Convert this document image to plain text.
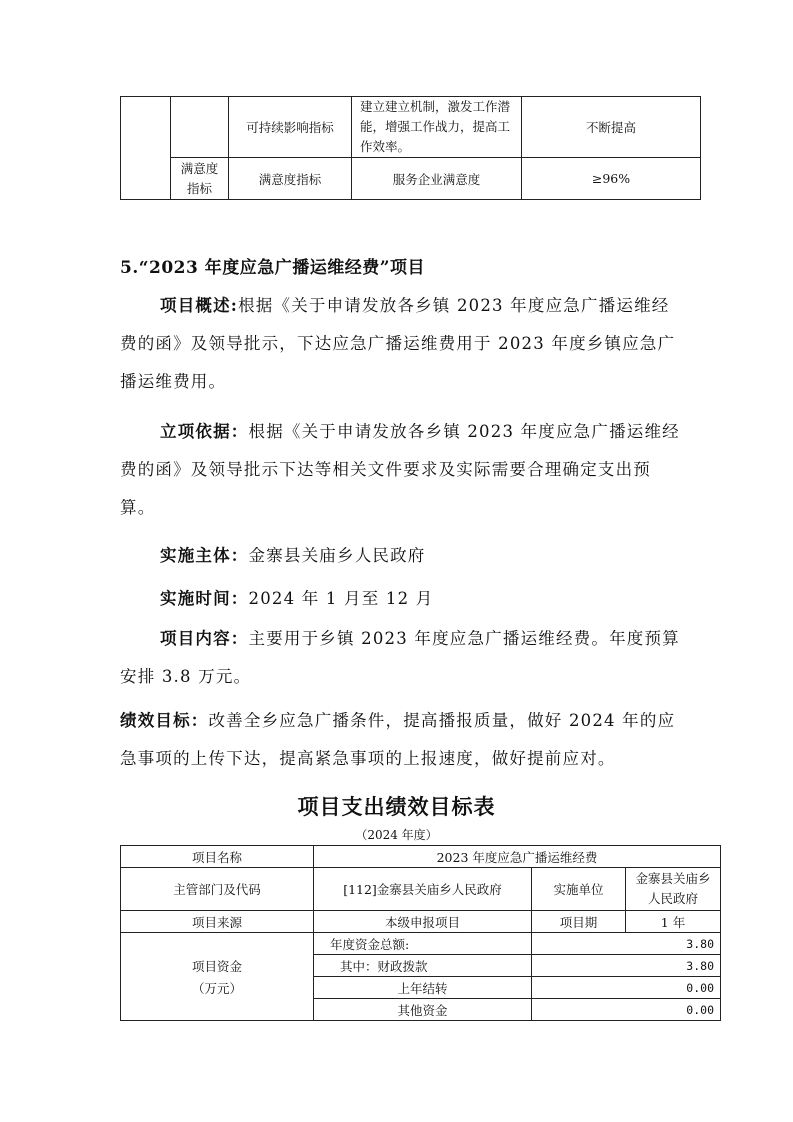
		可持续影响指标	建立建立机制，激发工作潜能，增强工作战力，提高工作效率。	不断提高
	满意度指标	满意度指标	服务企业满意度	≥96%
5.“2023 年度应急广播运维经费”项目
项目概述:根据《关于申请发放各乡镇 2023 年度应急广播运维经费的函》及领导批示，下达应急广播运维费用于 2023 年度乡镇应急广播运维费用。
立项依据：根据《关于申请发放各乡镇 2023 年度应急广播运维经费的函》及领导批示下达等相关文件要求及实际需要合理确定支出预算。
实施主体：金寨县关庙乡人民政府
实施时间：2024 年 1 月至 12 月
项目内容：主要用于乡镇 2023 年度应急广播运维经费。年度预算安排 3.8 万元。
绩效目标：改善全乡应急广播条件，提高播报质量，做好 2024 年的应急事项的上传下达，提高紧急事项的上报速度，做好提前应对。
项目支出绩效目标表
（2024 年度）
项目名称	2023 年度应急广播运维经费		
主管部门及代码	[112]金寨县关庙乡人民政府	实施单位	金寨县关庙乡人民政府
项目来源	本级申报项目	项目期	1 年

项目资金
（万元）	年度资金总额:	3.80	
	其中：财政拨款	3.80	
	上年结转	0.00	
	其他资金	0.00	
